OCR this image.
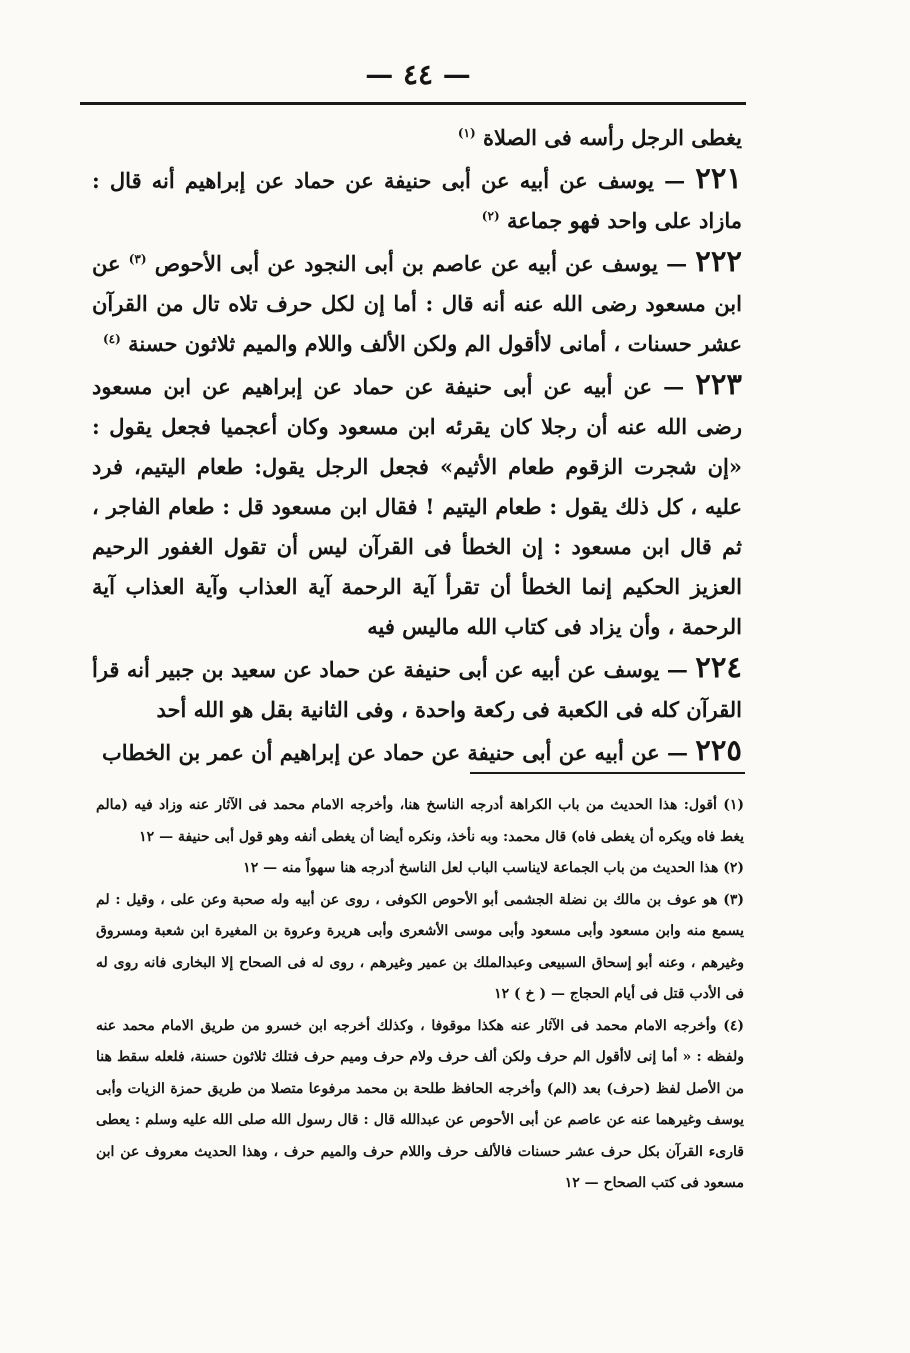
— ٤٤ —

يغطى الرجل رأسه فى الصلاة $^{(١)}$

٢٢١ — يوسف عن أبيه عن أبى حنيفة عن حماد عن إبراهيم أنه قال : مازاد على واحد فهو جماعة $^{(٢)}$

٢٢٢ — يوسف عن أبيه عن عاصم بن أبى النجود عن أبى الأحوص $^{(٣)}$ عن ابن مسعود رضى الله عنه أنه قال : أما إن لكل حرف تلاه تال من القرآن عشر حسنات ، أمانى لاأقول الم ولكن الألف واللام والميم ثلاثون حسنة $^{(٤)}$

٢٢٣ — عن أبيه عن أبى حنيفة عن حماد عن إبراهيم عن ابن مسعود رضى الله عنه أن رجلا كان يقرئه ابن مسعود وكان أعجميا فجعل يقول : «إن شجرت الزقوم طعام الأثيم» فجعل الرجل يقول: طعام اليتيم، فرد عليه ، كل ذلك يقول : طعام اليتيم ! فقال ابن مسعود قل : طعام الفاجر ، ثم قال ابن مسعود : إن الخطأ فى القرآن ليس أن تقول الغفور الرحيم العزيز الحكيم إنما الخطأ أن تقرأ آية الرحمة آية العذاب وآية العذاب آية الرحمة ، وأن يزاد فى كتاب الله ماليس فيه

٢٢٤ — يوسف عن أبيه عن أبى حنيفة عن حماد عن سعيد بن جبير أنه قرأ القرآن كله فى الكعبة فى ركعة واحدة ، وفى الثانية بقل هو الله أحد

٢٢٥ — عن أبيه عن أبى حنيفة عن حماد عن إبراهيم أن عمر بن الخطاب

(١) أقول: هذا الحديث من باب الكراهة أدرجه الناسخ هنا، وأخرجه الامام محمد فى الآثار عنه وزاد فيه (مالم يغط فاه ويكره أن يغطى فاه) قال محمد: وبه نأخذ، ونكره أيضا أن يغطى أنفه وهو قول أبى حنيفة — ١٢

(٢) هذا الحديث من باب الجماعة لايناسب الباب لعل الناسخ أدرجه هنا سهواً منه — ١٢

(٣) هو عوف بن مالك بن نضلة الجشمى أبو الأحوص الكوفى ، روى عن أبيه وله صحبة وعن على ، وقيل : لم يسمع منه وابن مسعود وأبى مسعود وأبى موسى الأشعرى وأبى هريرة وعروة بن المغيرة ابن شعبة ومسروق وغيرهم ، وعنه أبو إسحاق السبيعى وعبدالملك بن عمير وغيرهم ، روى له فى الصحاح إلا البخارى فانه روى له فى الأدب قتل فى أيام الحجاج — ( خ ) ١٢

(٤) وأخرجه الامام محمد فى الآثار عنه هكذا موقوفا ، وكذلك أخرجه ابن خسرو من طريق الامام محمد عنه ولفظه : « أما إنى لاأقول الم حرف ولكن ألف حرف ولام حرف وميم حرف فتلك ثلاثون حسنة، فلعله سقط هنا من الأصل لفظ (حرف) بعد (الم) وأخرجه الحافظ طلحة بن محمد مرفوعا متصلا من طريق حمزة الزيات وأبى يوسف وغيرهما عنه عن عاصم عن أبى الأحوص عن عبدالله قال : قال رسول الله صلى الله عليه وسلم : يعطى قارىء القرآن بكل حرف عشر حسنات فالألف حرف واللام حرف والميم حرف ، وهذا الحديث معروف عن ابن مسعود فى كتب الصحاح — ١٢
